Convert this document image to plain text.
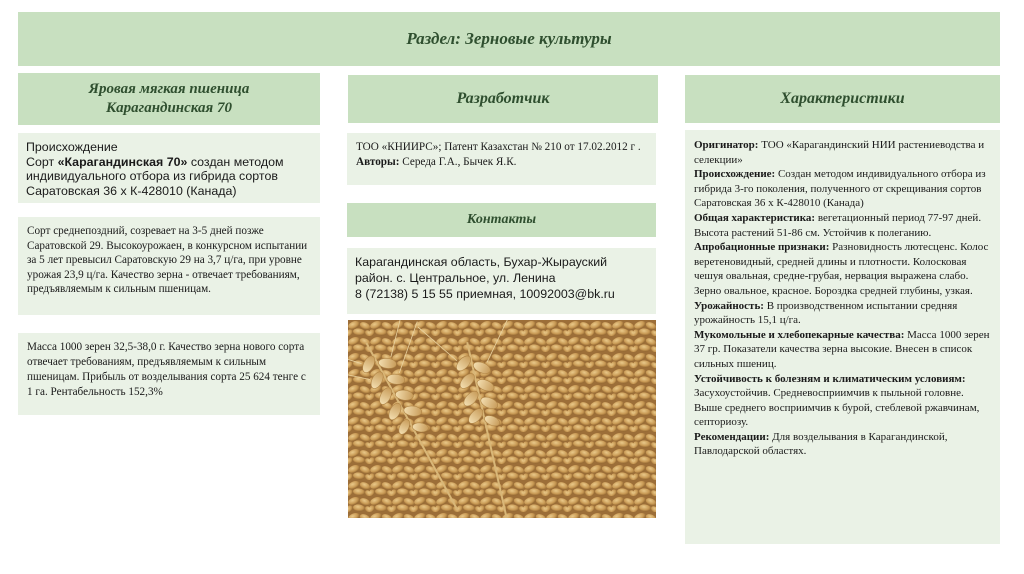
Раздел: Зерновые культуры
Яровая мягкая пшеница
Карагандинская 70
Разработчик
Контакты
Характеристики

Происхождение

Сорт «Карагандинская 70» создан методом индивидуального отбора из гибрида сортов Саратовская 36 х К-428010 (Канада)

Сорт среднепоздний, созревает на 3-5 дней позже Саратовской 29. Высокоурожаен, в конкурсном испытании за 5 лет превысил Саратовскую 29 на 3,7 ц/га, при уровне урожая 23,9 ц/га. Качество зерна - отвечает требованиям, предъявляемым к сильным пшеницам.

Масса 1000 зерен 32,5-38,0 г. Качество зерна нового сорта отвечает требованиям, предъявляемым к сильным пшеницам. Прибыль от возделывания сорта 25 624 тенге с 1 га. Рентабельность 152,3%

ТОО «КНИИРС»; Патент Казахстан № 210 от 17.02.2012 г . Авторы: Середа Г.А., Бычек Я.К.

Карагандинская область, Бухар-Жырауский

район. с. Центральное, ул. Ленина

8 (72138) 5 15 55 приемная, 10092003@bk.ru

Оригинатор: ТОО «Карагандинский НИИ растениеводства и селекции»

Происхождение: Создан методом индивидуального отбора из гибрида 3-го поколения, полученного от скрещивания сортов Саратовская 36 х К-428010 (Канада)

Общая характеристика: вегетационный период 77-97 дней. Высота растений 51-86 см. Устойчив к полеганию.

Апробационные признаки: Разновидность лютесценс. Колос веретеновидный, средней длины и плотности. Колосковая чешуя овальная, средне-грубая, нервация выражена слабо. Зерно овальное, красное. Бороздка средней глубины, узкая.

Урожайность: В производственном испытании средняя урожайность 15,1 ц/га.

Мукомольные и хлебопекарные качества: Масса 1000 зерен 37 гр. Показатели качества зерна высокие. Внесен в список сильных пшениц.

Устойчивость к болезням и климатическим условиям: Засухоустойчив. Средневосприимчив к пыльной головне. Выше среднего восприимчив к бурой, стеблевой ржавчинам, септориозу.

Рекомендации: Для возделывания в Карагандинской, Павлодарской областях.
